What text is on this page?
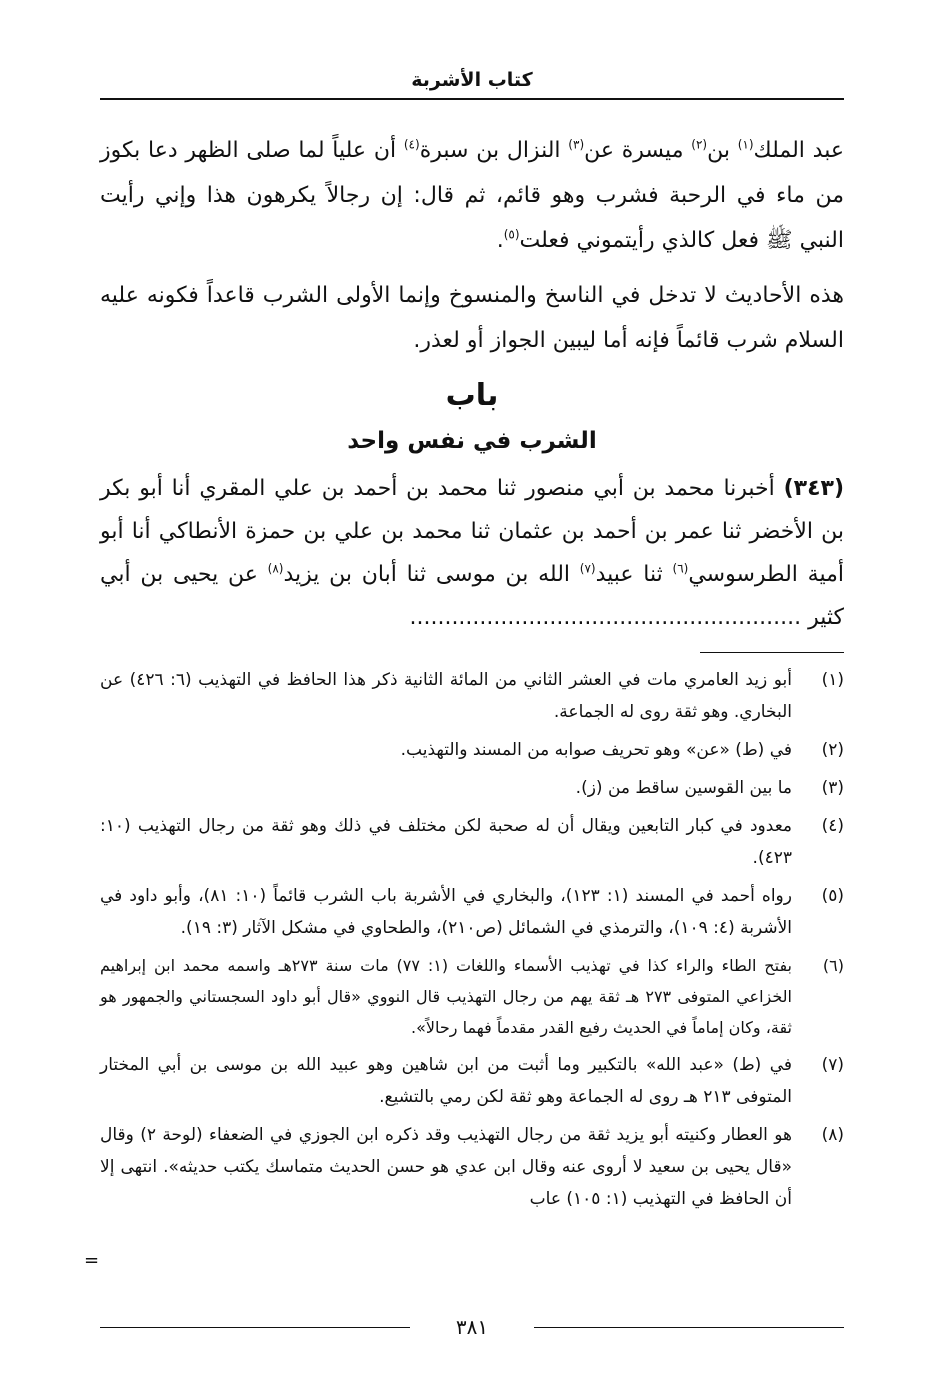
كتاب الأشربة

عبد الملك$^{(١)}$ بن$^{(٢)}$ ميسرة عن$^{(٣)}$ النزال بن سبرة$^{(٤)}$ أن علياً لما صلى الظهر دعا بكوز من ماء في الرحبة فشرب وهو قائم، ثم قال: إن رجالاً يكرهون هذا وإني رأيت النبي ﷺ فعل كالذي رأيتموني فعلت$^{(٥)}$.

هذه الأحاديث لا تدخل في الناسخ والمنسوخ وإنما الأولى الشرب قاعداً فكونه عليه السلام شرب قائماً فإنه أما ليبين الجواز أو لعذر.

باب

الشرب في نفس واحد

(٣٤٣) أخبرنا محمد بن أبي منصور ثنا محمد بن أحمد بن علي المقري أنا أبو بكر بن الأخضر ثنا عمر بن أحمد بن عثمان ثنا محمد بن علي بن حمزة الأنطاكي أنا أبو أمية الطرسوسي$^{(٦)}$ ثنا عبيد$^{(٧)}$ الله بن موسى ثنا أبان بن يزيد$^{(٨)}$ عن يحيى بن أبي كثير ........................................................

(١)
أبو زيد العامري مات في العشر الثاني من المائة الثانية ذكر هذا الحافظ في التهذيب (٦: ٤٢٦) عن البخاري. وهو ثقة روى له الجماعة.
(٢)
في (ط) «عن» وهو تحريف صوابه من المسند والتهذيب.
(٣)
ما بين القوسين ساقط من (ز).
(٤)
معدود في كبار التابعين ويقال أن له صحبة لكن مختلف في ذلك وهو ثقة من رجال التهذيب (١٠: ٤٢٣).
(٥)
رواه أحمد في المسند (١: ١٢٣)، والبخاري في الأشربة باب الشرب قائماً (١٠: ٨١)، وأبو داود في الأشربة (٤: ١٠٩)، والترمذي في الشمائل (ص٢١٠)، والطحاوي في مشكل الآثار (٣: ١٩).
(٦)
بفتح الطاء والراء كذا في تهذيب الأسماء واللغات (١: ٧٧) مات سنة ٢٧٣هـ واسمه محمد ابن إبراهيم الخزاعي المتوفى ٢٧٣ هـ ثقة يهم من رجال التهذيب قال النووي «قال أبو داود السجستاني والجمهور هو ثقة، وكان إماماً في الحديث رفيع القدر مقدماً فهما رحالاً».
(٧)
في (ط) «عبد الله» بالتكبير وما أثبت من ابن شاهين وهو عبيد الله بن موسى بن أبي المختار المتوفى ٢١٣ هـ روى له الجماعة وهو ثقة لكن رمي بالتشيع.
(٨)
هو العطار وكنيته أبو يزيد ثقة من رجال التهذيب وقد ذكره ابن الجوزي في الضعفاء (لوحة ٢) وقال «قال يحيى بن سعيد لا أروى عنه وقال ابن عدي هو حسن الحديث متماسك يكتب حديثه». انتهى إلا أن الحافظ في التهذيب (١: ١٠٥) عاب
=
٣٨١
